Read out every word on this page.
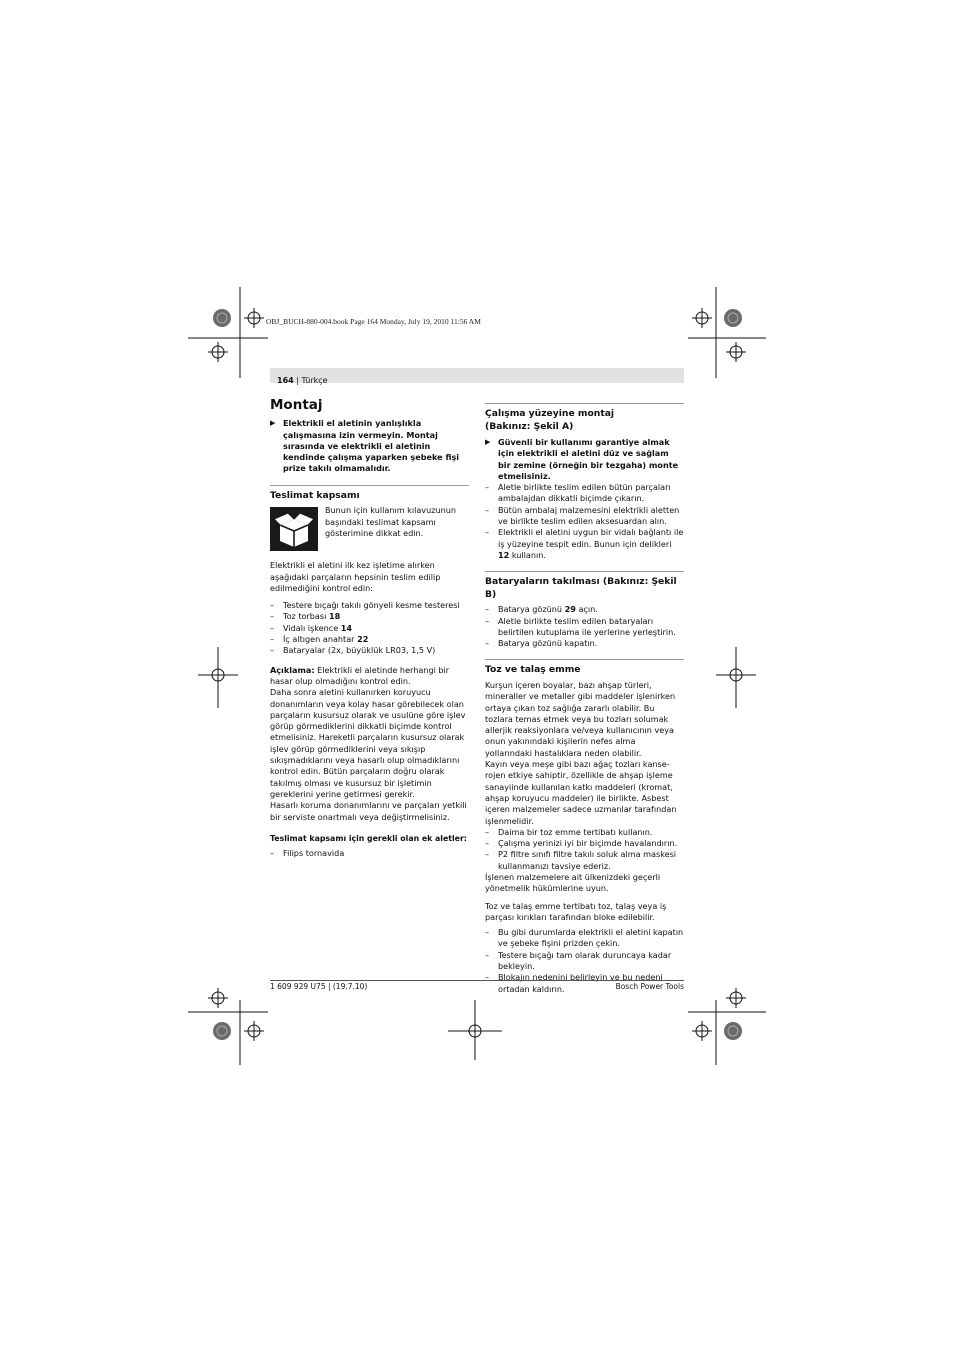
OBJ_BUCH-880-004.book Page 164 Monday, July 19, 2010 11:56 AM
164 | Türkçe
Montaj
▶ Elektrikli el aletinin yanlışlıkla çalışmasına izin vermeyin. Montaj sırasında ve elektrikli el aletinin kendinde çalışma yaparken şebeke fişi prize takılı olmamalıdır.
Teslimat kapsamı
Bunun için kullanım kılavuzunun başındaki teslimat kapsamı gösterimine dikkat edin.

Elektrikli el aletini ilk kez işletime alırken aşağıdaki parçaların hepsinin teslim edilip edilmediğini kontrol edin:

–	Testere bıçağı takılı gönyeli kesme testeresi
–	Toz torbası 18
–	Vidalı işkence 14
–	İç altıgen anahtar 22
–	Bataryalar (2x, büyüklük LR03, 1,5 V)

Açıklama: Elektrikli el aletinde herhangi bir hasar olup olmadığını kontrol edin.

Daha sonra aletini kullanırken koruyucu donanımların veya kolay hasar görebilecek olan parçaların kusursuz olarak ve usulüne göre işlev görüp görmediklerini dikkatli biçimde kontrol etmelisiniz. Hareketli parçaların kusursuz olarak işlev görüp görmediklerini veya sıkışıp sıkışmadıklarını veya hasarlı olup olmadıklarını kontrol edin. Bütün parçaların doğru olarak takılmış olması ve kusursuz bir işletimin gereklerini yerine getirmesi gerekir.

Hasarlı koruma donanımlarını ve parçaları yetkili bir serviste onartmalı veya değiştirmelisiniz.

Teslimat kapsamı için gerekli olan ek aletler:

–	Filips tornavida
Çalışma yüzeyine montaj
(Bakınız: Şekil A)
▶ Güvenli bir kullanımı garantiye almak için elektrikli el aletini düz ve sağlam bir zemine (örneğin bir tezgaha) monte etmelisiniz.
–	Aletle birlikte teslim edilen bütün parçaları ambalajdan dikkatli biçimde çıkarın.
–	Bütün ambalaj malzemesini elektrikli aletten ve birlikte teslim edilen aksesuardan alın.
–	Elektrikli el aletini uygun bir vidalı bağlantı ile iş yüzeyine tespit edin. Bunun için delikleri 12 kullanın.
Bataryaların takılması (Bakınız: Şekil B)
–	Batarya gözünü 29 açın.
–	Aletle birlikte teslim edilen bataryaları belirtilen kutuplama ile yerlerine yerleştirin.
–	Batarya gözünü kapatın.
Toz ve talaş emme

Kurşun içeren boyalar, bazı ahşap türleri, mineraller ve metaller gibi maddeler işlenirken ortaya çıkan toz sağlığa zararlı olabilir. Bu tozlara temas etmek veya bu tozları solumak allerjik reaksiyonlara ve/veya kullanıcının veya onun yakınındaki kişilerin nefes alma yollarındaki hastalıklara neden olabilir.

Kayın veya meşe gibi bazı ağaç tozları kanse-rojen etkiye sahiptir, özellikle de ahşap işleme sanayiinde kullanılan katkı maddeleri (kromat, ahşap koruyucu maddeler) ile birlikte. Asbest içeren malzemeler sadece uzmanlar tarafından işlenmelidir.

–	Daima bir toz emme tertibatı kullanın.
–	Çalışma yerinizi iyi bir biçimde havalandırın.
–	P2 filtre sınıfı filtre takılı soluk alma maskesi kullanmanızı tavsiye ederiz.

İşlenen malzemelere ait ülkenizdeki geçerli yönetmelik hükümlerine uyun.

Toz ve talaş emme tertibatı toz, talaş veya iş parçası kırıkları tarafından bloke edilebilir.

–	Bu gibi durumlarda elektrikli el aletini kapatın ve şebeke fişini prizden çekin.
–	Testere bıçağı tam olarak duruncaya kadar bekleyin.
–	Blokajın nedenini belirleyin ve bu nedeni ortadan kaldırın.
1 609 929 U75 | (19.7.10)	Bosch Power Tools
